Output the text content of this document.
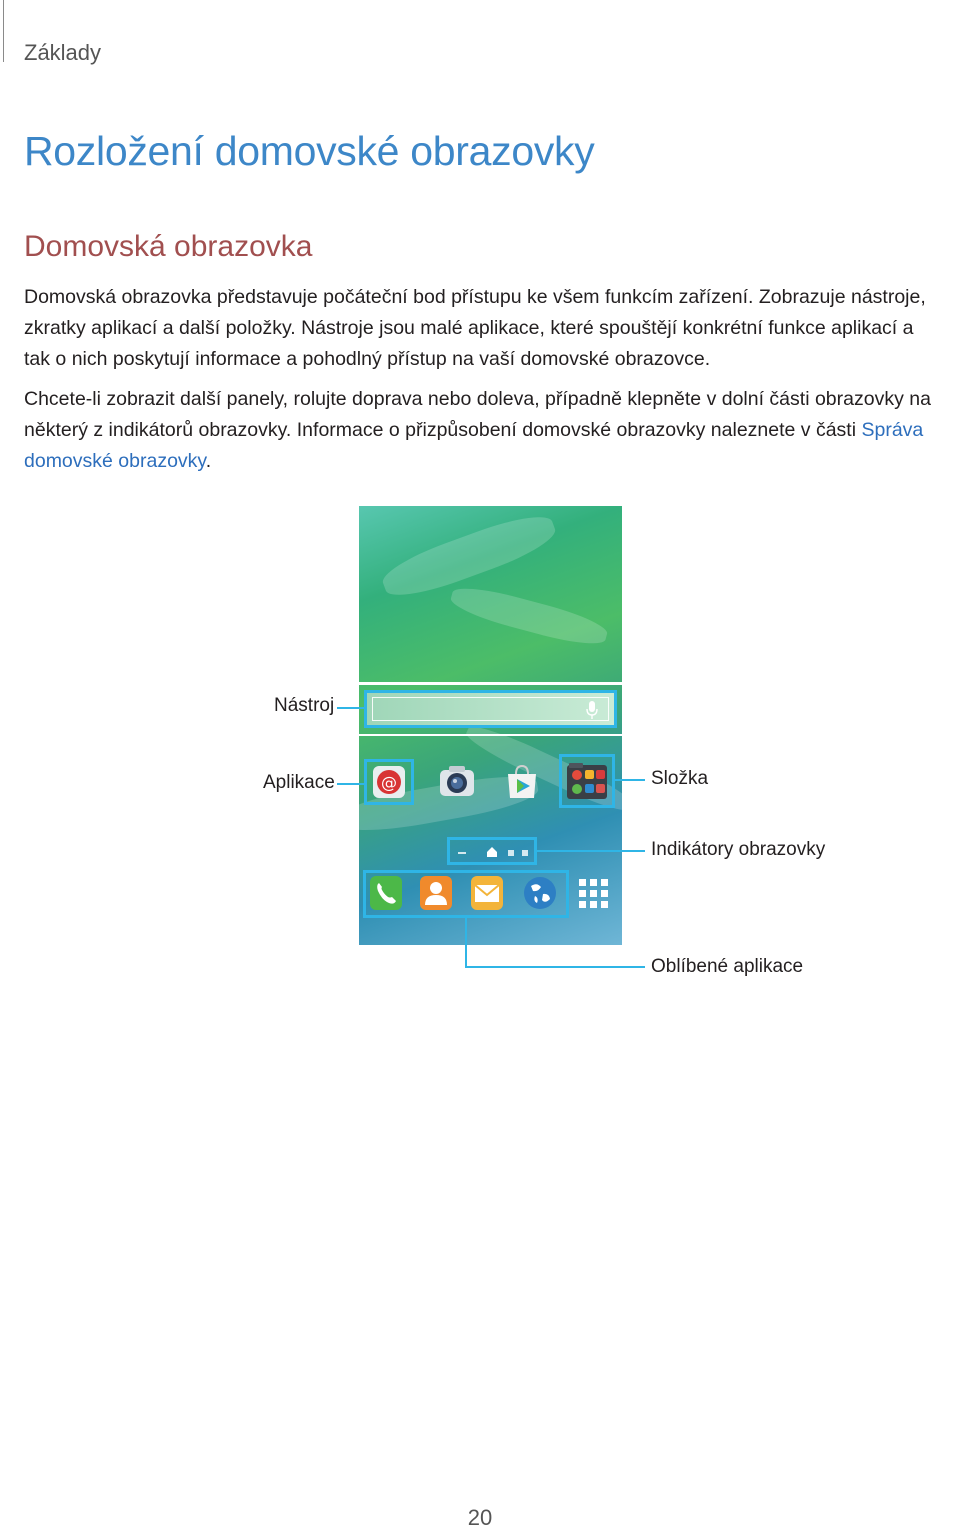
Základy
Rozložení domovské obrazovky
Domovská obrazovka

Domovská obrazovka představuje počáteční bod přístupu ke všem funkcím zařízení. Zobrazuje nástroje, zkratky aplikací a další položky. Nástroje jsou malé aplikace, které spouštějí konkrétní funkce aplikací a tak o nich poskytují informace a pohodlný přístup na vaší domovské obrazovce.

Chcete-li zobrazit další panely, rolujte doprava nebo doleva, případně klepněte v dolní části obrazovky na některý z indikátorů obrazovky. Informace o přizpůsobení domovské obrazovky naleznete v části Správa domovské obrazovky.

@
Nástroj
Aplikace	Složka
Indikátory obrazovky
Oblíbené aplikace
20
